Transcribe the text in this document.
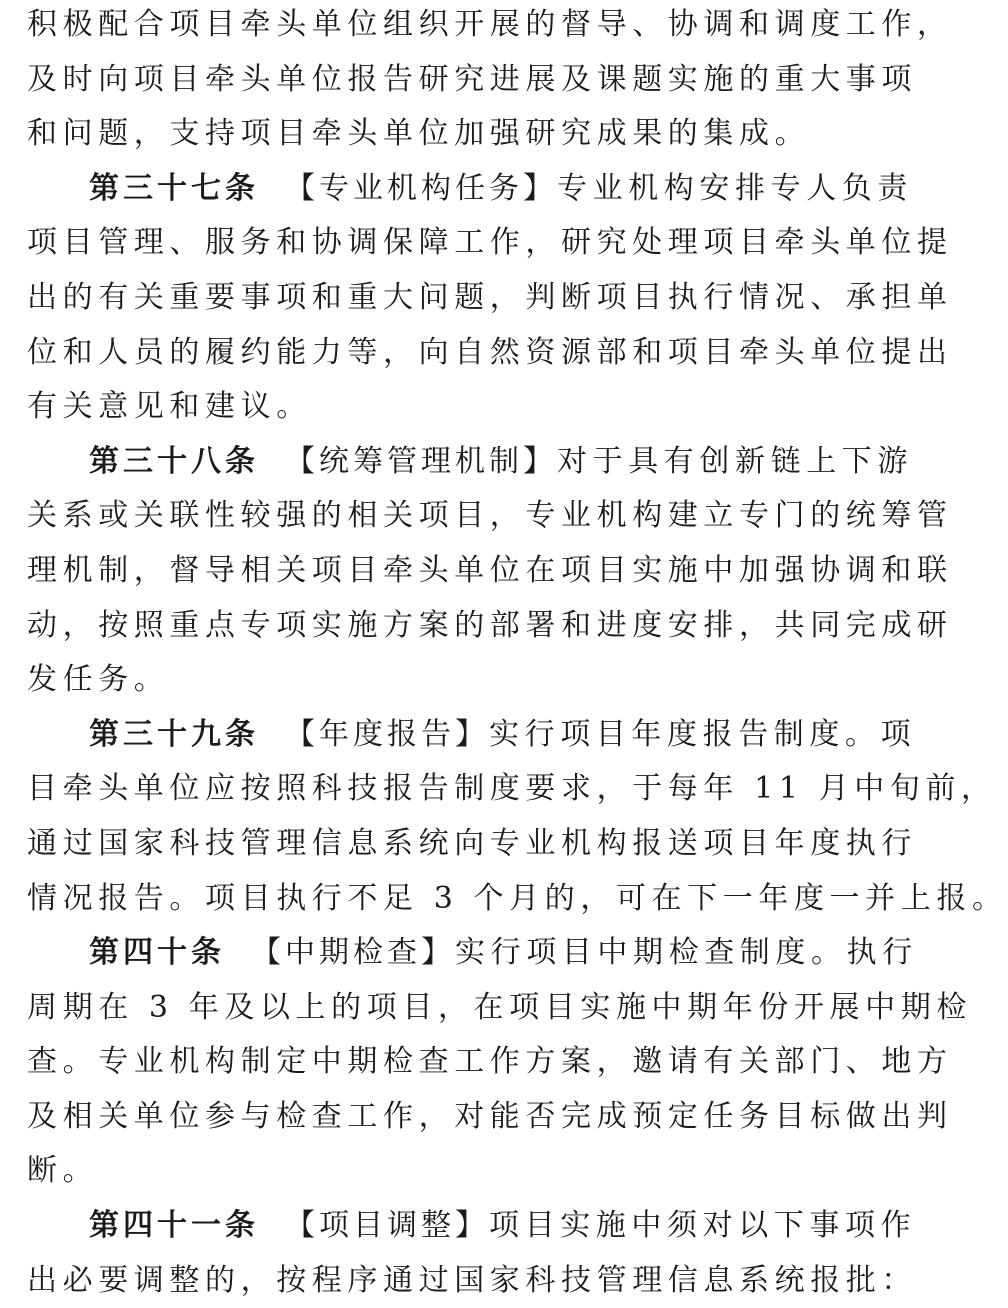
积极配合项目牵头单位组织开展的督导、协调和调度工作，
及时向项目牵头单位报告研究进展及课题实施的重大事项
和问题，支持项目牵头单位加强研究成果的集成。
第三十七条 【专业机构任务】专业机构安排专人负责
项目管理、服务和协调保障工作，研究处理项目牵头单位提
出的有关重要事项和重大问题，判断项目执行情况、承担单
位和人员的履约能力等，向自然资源部和项目牵头单位提出
有关意见和建议。
第三十八条 【统筹管理机制】对于具有创新链上下游
关系或关联性较强的相关项目，专业机构建立专门的统筹管
理机制，督导相关项目牵头单位在项目实施中加强协调和联
动，按照重点专项实施方案的部署和进度安排，共同完成研
发任务。
第三十九条 【年度报告】实行项目年度报告制度。项
目牵头单位应按照科技报告制度要求，于每年 11 月中旬前，
通过国家科技管理信息系统向专业机构报送项目年度执行
情况报告。项目执行不足 3 个月的，可在下一年度一并上报。
第四十条 【中期检查】实行项目中期检查制度。执行
周期在 3 年及以上的项目，在项目实施中期年份开展中期检
查。专业机构制定中期检查工作方案，邀请有关部门、地方
及相关单位参与检查工作，对能否完成预定任务目标做出判
断。
第四十一条 【项目调整】项目实施中须对以下事项作
出必要调整的，按程序通过国家科技管理信息系统报批：
